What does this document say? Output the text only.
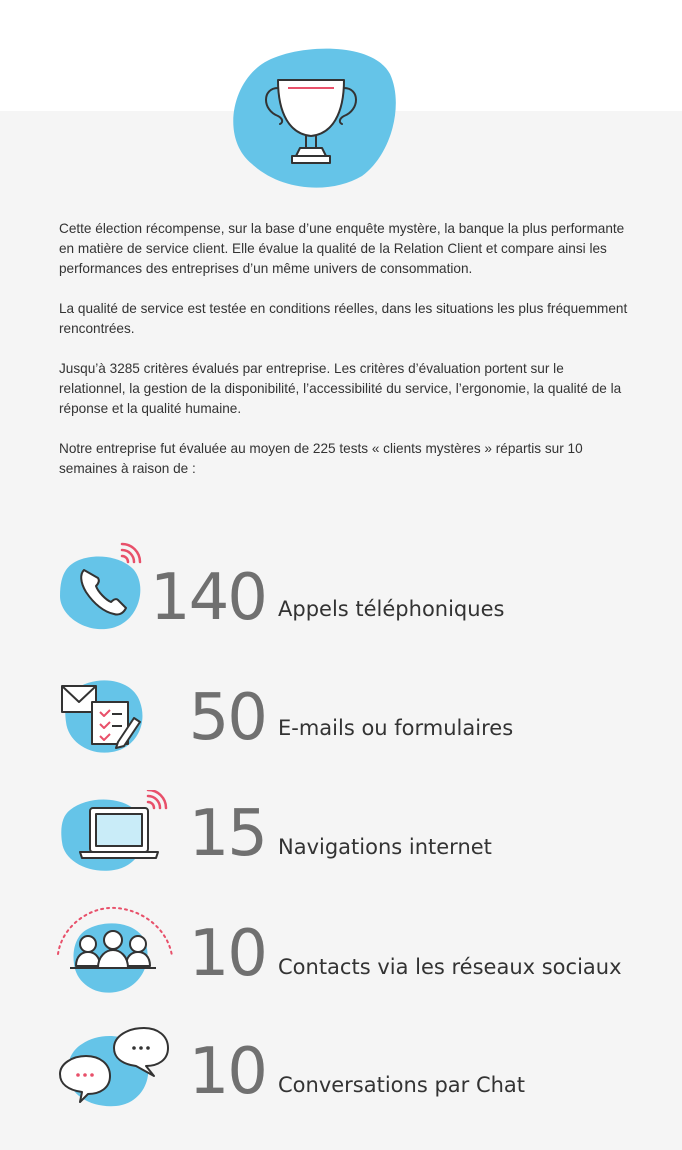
Cette élection récompense, sur la base d’une enquête mystère, la banque la plus performante en matière de service client. Elle évalue la qualité de la Relation Client et compare ainsi les performances des entreprises d’un même univers de consommation.

La qualité de service est testée en conditions réelles, dans les situations les plus fréquemment rencontrées.

Jusqu’à 3285 critères évalués par entreprise. Les critères d’évaluation portent sur le relationnel, la gestion de la disponibilité, l’accessibilité du service, l’ergonomie, la qualité de la réponse et la qualité humaine.

Notre entreprise fut évaluée au moyen de 225 tests « clients mystères » répartis sur 10 semaines à raison de :

140 Appels téléphoniques
50 E-mails ou formulaires
15 Navigations internet
10 Contacts via les réseaux sociaux
10 Conversations par Chat
